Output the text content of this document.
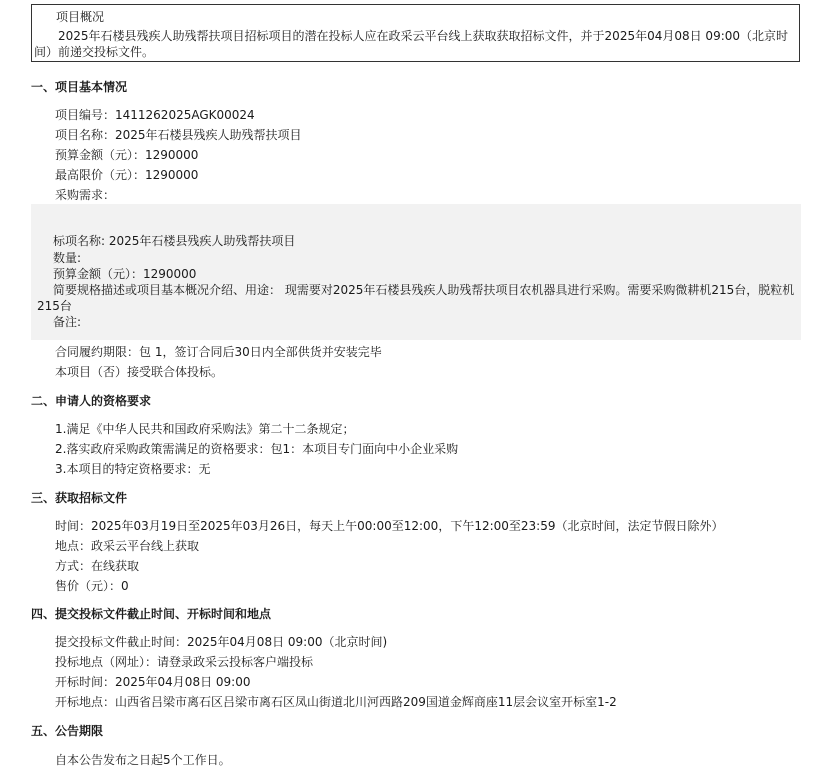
项目概况
2025年石楼县残疾人助残帮扶项目招标项目的潜在投标人应在政采云平台线上获取获取招标文件，并于2025年04月08日 09:00（北京时间）前递交投标文件。
一、项目基本情况
项目编号：1411262025AGK00024
项目名称：2025年石楼县残疾人助残帮扶项目
预算金额（元）：1290000
最高限价（元）：1290000
采购需求：
标项名称: 2025年石楼县残疾人助残帮扶项目
数量:
预算金额（元）：1290000
简要规格描述或项目基本概况介绍、用途： 现需要对2025年石楼县残疾人助残帮扶项目农机器具进行采购。需要采购微耕机215台，脱粒机215台
备注:
合同履约期限：包 1，签订合同后30日内全部供货并安装完毕
本项目（否）接受联合体投标。
二、申请人的资格要求
1.满足《中华人民共和国政府采购法》第二十二条规定；
2.落实政府采购政策需满足的资格要求：包1：本项目专门面向中小企业采购
3.本项目的特定资格要求：无
三、获取招标文件
时间：2025年03月19日至2025年03月26日，每天上午00:00至12:00，下午12:00至23:59（北京时间，法定节假日除外）
地点：政采云平台线上获取
方式：在线获取
售价（元）：0
四、提交投标文件截止时间、开标时间和地点
提交投标文件截止时间：2025年04月08日 09:00（北京时间)
投标地点（网址）：请登录政采云投标客户端投标
开标时间：2025年04月08日 09:00
开标地点：山西省吕梁市离石区吕梁市离石区凤山街道北川河西路209国道金辉商座11层会议室开标室1-2
五、公告期限
自本公告发布之日起5个工作日。
